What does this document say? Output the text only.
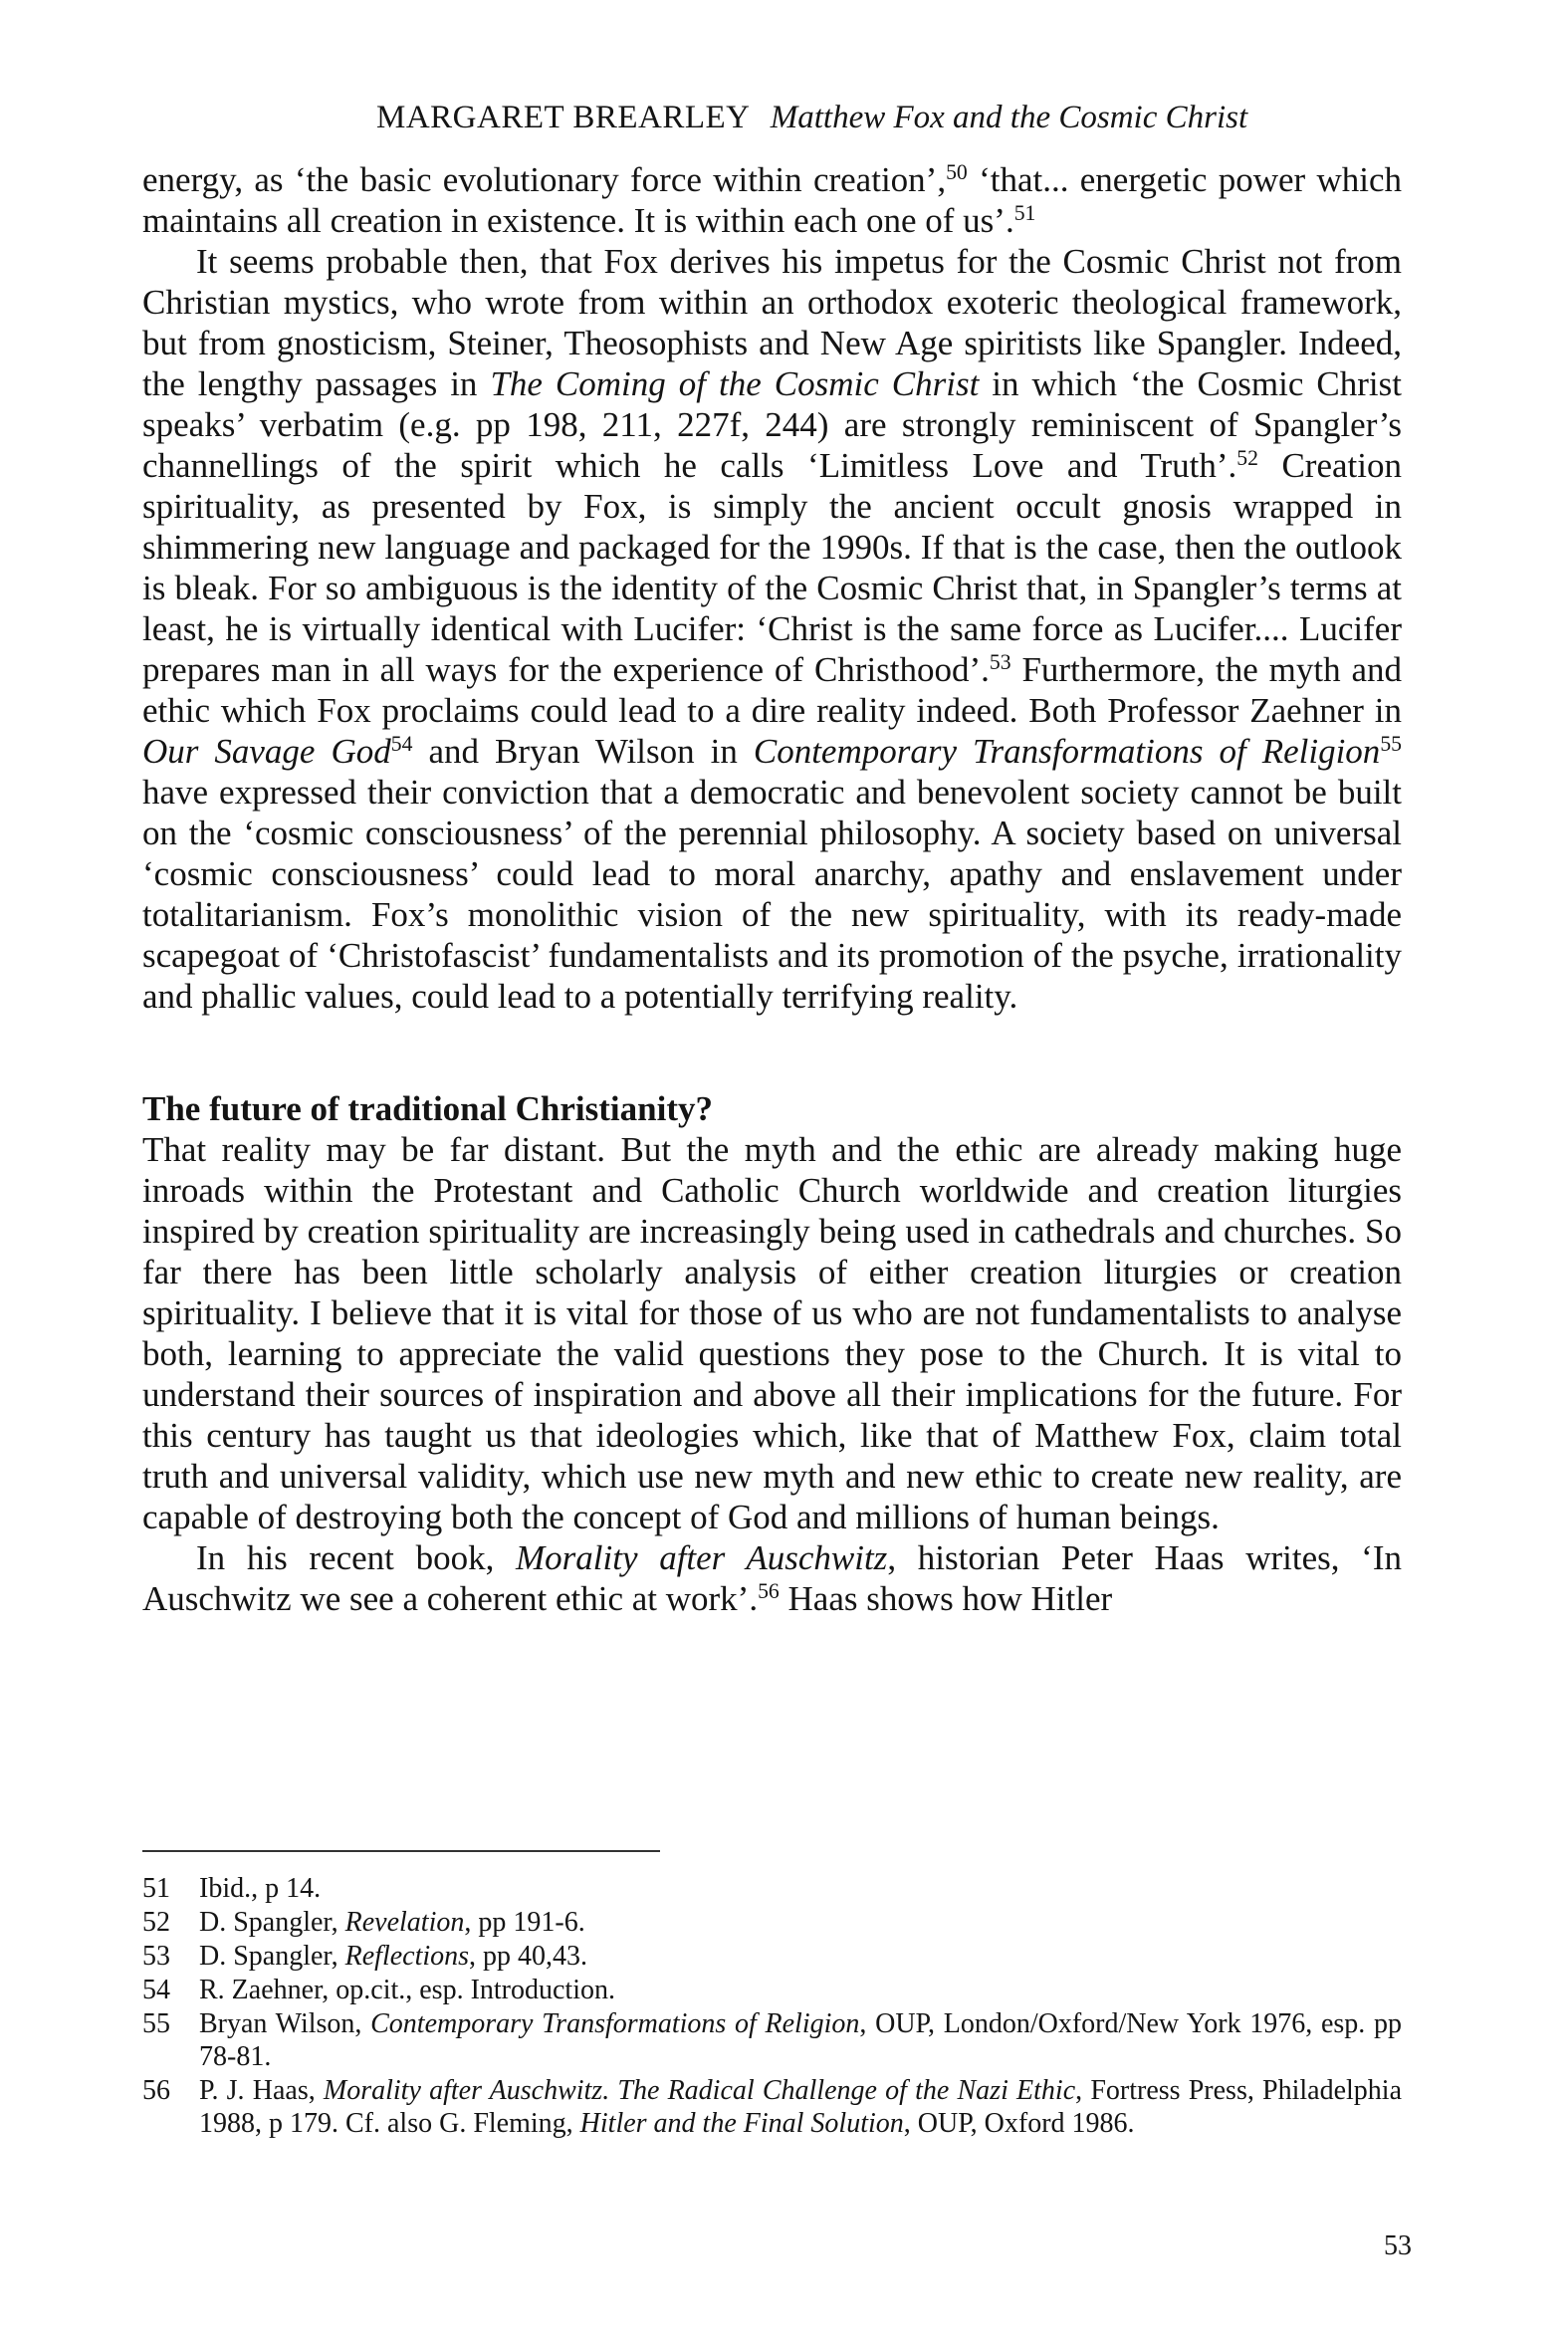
MARGARET BREARLEY Matthew Fox and the Cosmic Christ

energy, as ‘the basic evolutionary force within creation’,$^{50}$ ‘that... energetic power which maintains all creation in existence. It is within each one of us’.$^{51}$

It seems probable then, that Fox derives his impetus for the Cosmic Christ not from Christian mystics, who wrote from within an orthodox exoteric theological framework, but from gnosticism, Steiner, Theosophists and New Age spiritists like Spangler. Indeed, the lengthy passages in The Coming of the Cosmic Christ in which ‘the Cosmic Christ speaks’ verbatim (e.g. pp 198, 211, 227f, 244) are strongly reminiscent of Spangler’s channellings of the spirit which he calls ‘Limitless Love and Truth’.$^{52}$ Creation spirituality, as presented by Fox, is simply the ancient occult gnosis wrapped in shimmering new language and packaged for the 1990s. If that is the case, then the outlook is bleak. For so ambiguous is the identity of the Cosmic Christ that, in Spangler’s terms at least, he is virtually identical with Lucifer: ‘Christ is the same force as Lucifer.... Lucifer prepares man in all ways for the experience of Christhood’.$^{53}$ Furthermore, the myth and ethic which Fox proclaims could lead to a dire reality indeed. Both Professor Zaehner in Our Savage God$^{54}$ and Bryan Wilson in Contemporary Transformations of Religion$^{55}$ have expressed their conviction that a democratic and benevolent society cannot be built on the ‘cosmic consciousness’ of the perennial philosophy. A society based on universal ‘cosmic consciousness’ could lead to moral anarchy, apathy and enslavement under totalitarianism. Fox’s monolithic vision of the new spirituality, with its ready-made scapegoat of ‘Christofascist’ fundamentalists and its promotion of the psyche, irrationality and phallic values, could lead to a potentially terrifying reality.

The future of traditional Christianity?

That reality may be far distant. But the myth and the ethic are already making huge inroads within the Protestant and Catholic Church worldwide and creation liturgies inspired by creation spirituality are increasingly being used in cathedrals and churches. So far there has been little scholarly analysis of either creation liturgies or creation spirituality. I believe that it is vital for those of us who are not fundamentalists to analyse both, learning to appreciate the valid questions they pose to the Church. It is vital to understand their sources of inspiration and above all their implications for the future. For this century has taught us that ideologies which, like that of Matthew Fox, claim total truth and universal validity, which use new myth and new ethic to create new reality, are capable of destroying both the concept of God and millions of human beings.

In his recent book, Morality after Auschwitz, historian Peter Haas writes, ‘In Auschwitz we see a coherent ethic at work’.$^{56}$ Haas shows how Hitler

51	Ibid., p 14.
52	D. Spangler, Revelation, pp 191-6.
53	D. Spangler, Reflections, pp 40,43.
54	R. Zaehner, op.cit., esp. Introduction.
55	Bryan Wilson, Contemporary Transformations of Religion, OUP, London/Oxford/New York 1976, esp. pp 78-81.
56	P. J. Haas, Morality after Auschwitz. The Radical Challenge of the Nazi Ethic, Fortress Press, Philadelphia 1988, p 179. Cf. also G. Fleming, Hitler and the Final Solution, OUP, Oxford 1986.
53
